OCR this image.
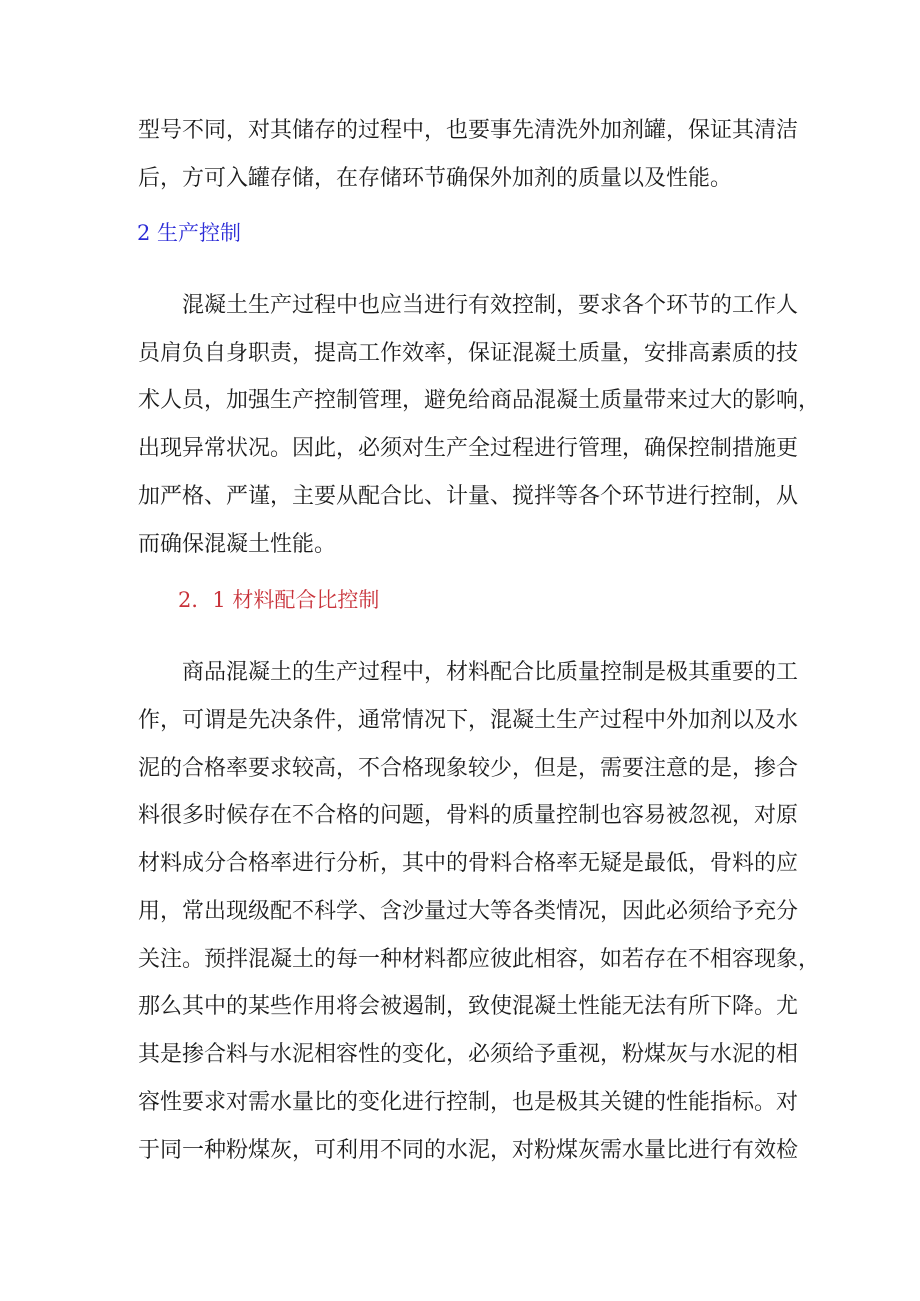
型号不同，对其储存的过程中，也要事先清洗外加剂罐，保证其清洁
后，方可入罐存储，在存储环节确保外加剂的质量以及性能。
2 生产控制
混凝土生产过程中也应当进行有效控制，要求各个环节的工作人
员肩负自身职责，提高工作效率，保证混凝土质量，安排高素质的技
术人员，加强生产控制管理，避免给商品混凝土质量带来过大的影响，
出现异常状况。因此，必须对生产全过程进行管理，确保控制措施更
加严格、严谨，主要从配合比、计量、搅拌等各个环节进行控制，从
而确保混凝土性能。
2．1 材料配合比控制
商品混凝土的生产过程中，材料配合比质量控制是极其重要的工
作，可谓是先决条件，通常情况下，混凝土生产过程中外加剂以及水
泥的合格率要求较高，不合格现象较少，但是，需要注意的是，掺合
料很多时候存在不合格的问题，骨料的质量控制也容易被忽视，对原
材料成分合格率进行分析，其中的骨料合格率无疑是最低，骨料的应
用，常出现级配不科学、含沙量过大等各类情况，因此必须给予充分
关注。预拌混凝土的每一种材料都应彼此相容，如若存在不相容现象，
那么其中的某些作用将会被遏制，致使混凝土性能无法有所下降。尤
其是掺合料与水泥相容性的变化，必须给予重视，粉煤灰与水泥的相
容性要求对需水量比的变化进行控制，也是极其关键的性能指标。对
于同一种粉煤灰，可利用不同的水泥，对粉煤灰需水量比进行有效检
